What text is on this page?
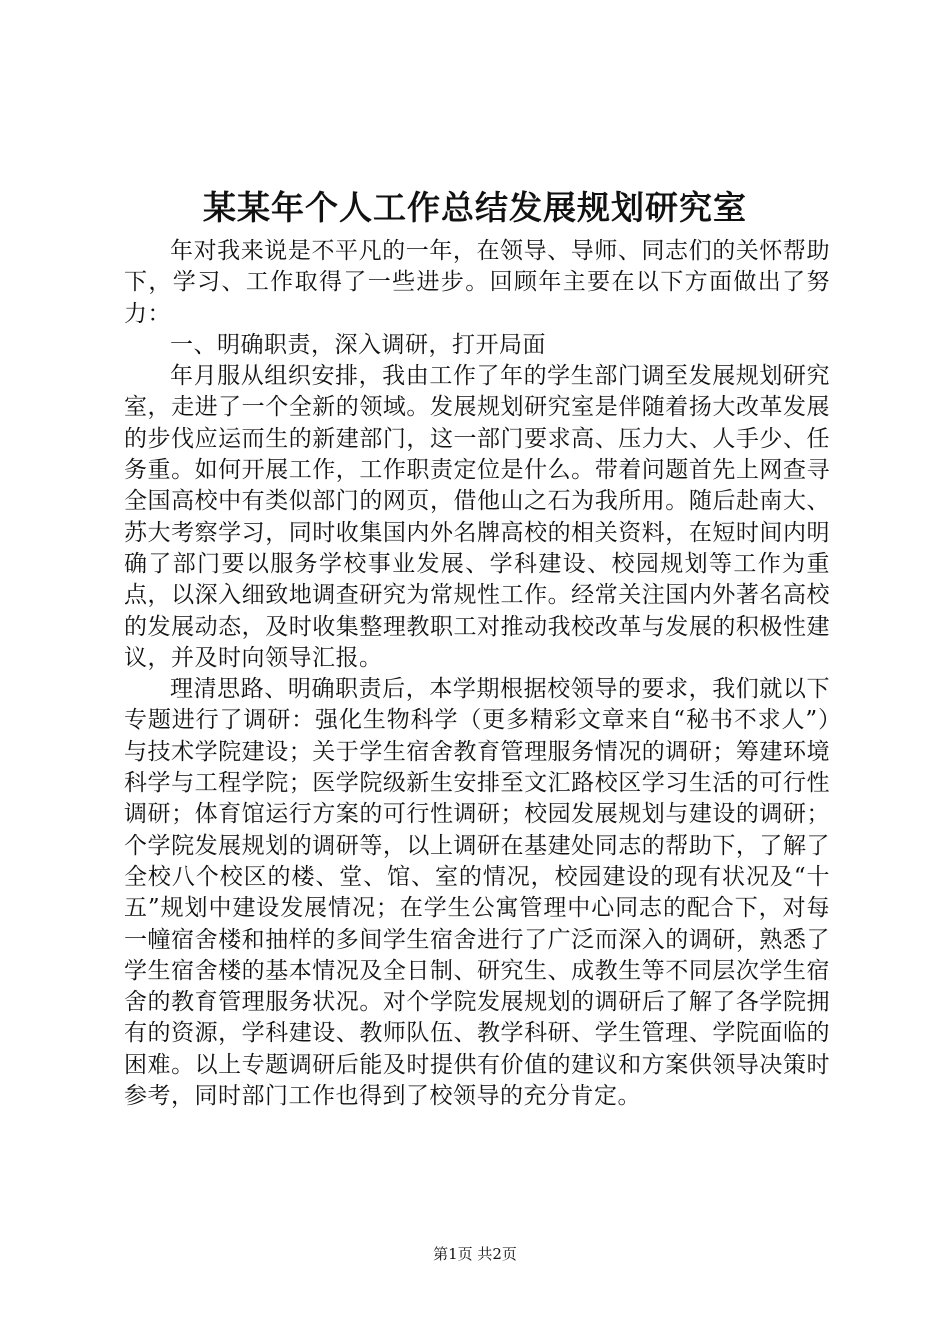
某某年个人工作总结发展规划研究室

年对我来说是不平凡的一年，在领导、导师、同志们的关怀帮助下，学习、工作取得了一些进步。回顾年主要在以下方面做出了努力：

一、明确职责，深入调研，打开局面

年月服从组织安排，我由工作了年的学生部门调至发展规划研究室，走进了一个全新的领域。发展规划研究室是伴随着扬大改革发展的步伐应运而生的新建部门，这一部门要求高、压力大、人手少、任务重。如何开展工作，工作职责定位是什么。带着问题首先上网查寻全国高校中有类似部门的网页，借他山之石为我所用。随后赴南大、苏大考察学习，同时收集国内外名牌高校的相关资料，在短时间内明确了部门要以服务学校事业发展、学科建设、校园规划等工作为重点，以深入细致地调查研究为常规性工作。经常关注国内外著名高校的发展动态，及时收集整理教职工对推动我校改革与发展的积极性建议，并及时向领导汇报。

理清思路、明确职责后，本学期根据校领导的要求，我们就以下专题进行了调研：强化生物科学（更多精彩文章来自“秘书不求人”）与技术学院建设；关于学生宿舍教育管理服务情况的调研；筹建环境科学与工程学院；医学院级新生安排至文汇路校区学习生活的可行性调研；体育馆运行方案的可行性调研；校园发展规划与建设的调研；个学院发展规划的调研等，以上调研在基建处同志的帮助下，了解了全校八个校区的楼、堂、馆、室的情况，校园建设的现有状况及“十五”规划中建设发展情况；在学生公寓管理中心同志的配合下，对每一幢宿舍楼和抽样的多间学生宿舍进行了广泛而深入的调研，熟悉了学生宿舍楼的基本情况及全日制、研究生、成教生等不同层次学生宿舍的教育管理服务状况。对个学院发展规划的调研后了解了各学院拥有的资源，学科建设、教师队伍、教学科研、学生管理、学院面临的困难。以上专题调研后能及时提供有价值的建议和方案供领导决策时参考，同时部门工作也得到了校领导的充分肯定。

第1页 共2页
